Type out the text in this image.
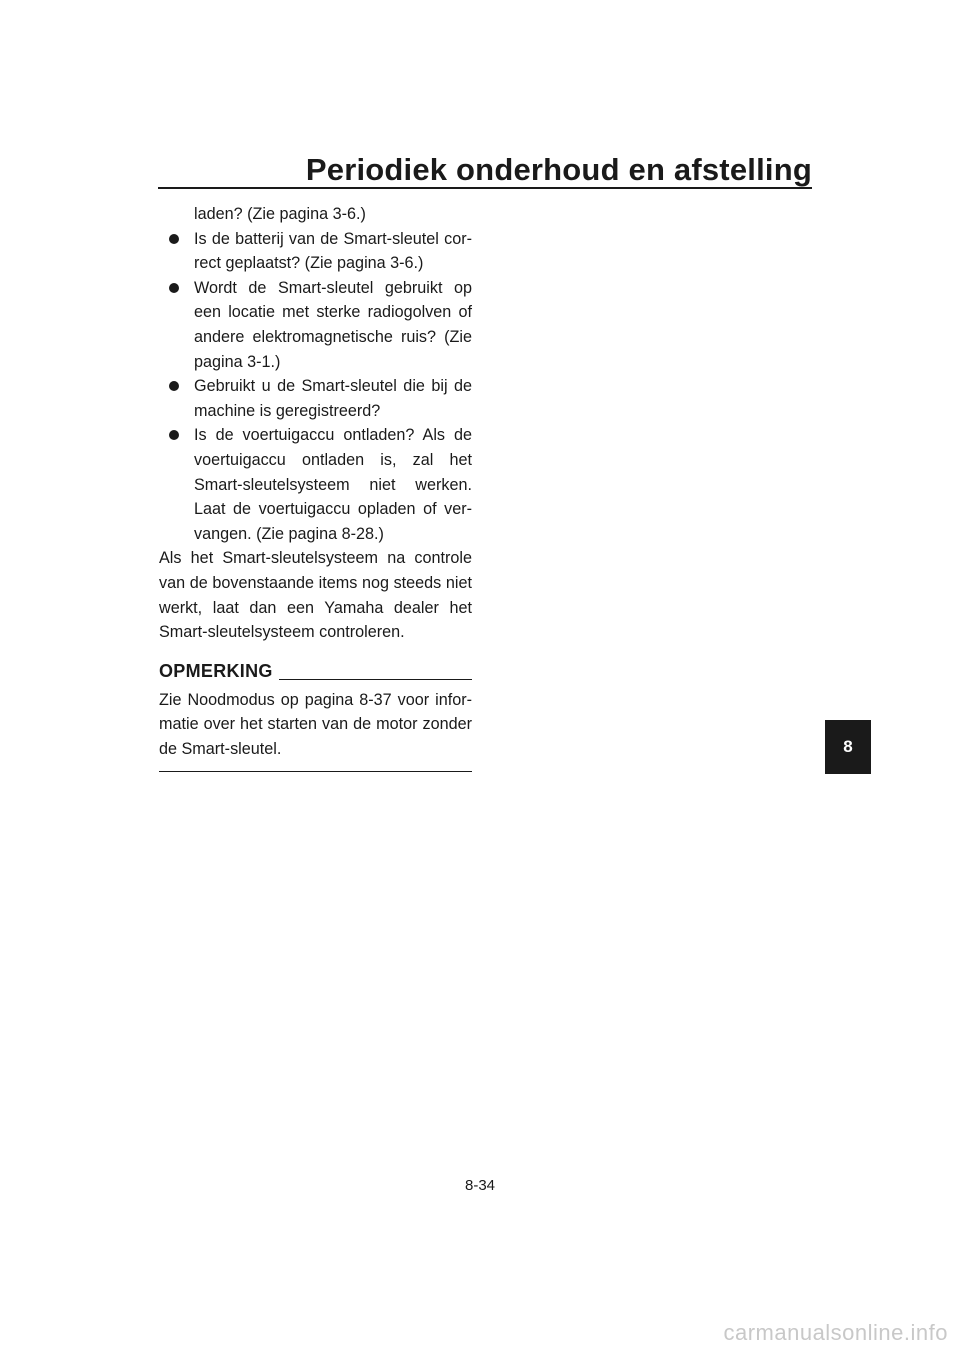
Periodiek onderhoud en afstelling
laden? (Zie pagina 3-6.)
Is de batterij van de Smart-sleutel cor-rect geplaatst? (Zie pagina 3-6.)
Wordt de Smart-sleutel gebruikt op een locatie met sterke radiogolven of andere elektromagnetische ruis? (Zie pagina 3-1.)
Gebruikt u de Smart-sleutel die bij de machine is geregistreerd?
Is de voertuigaccu ontladen? Als de voertuigaccu ontladen is, zal het Smart-sleutelsysteem niet werken. Laat de voertuigaccu opladen of ver-vangen. (Zie pagina 8-28.)
Als het Smart-sleutelsysteem na controle van de bovenstaande items nog steeds niet werkt, laat dan een Yamaha dealer het Smart-sleutelsysteem controleren.
OPMERKING
Zie Noodmodus op pagina 8-37 voor infor-matie over het starten van de motor zonder de Smart-sleutel.	8
8-34
carmanualsonline.info
